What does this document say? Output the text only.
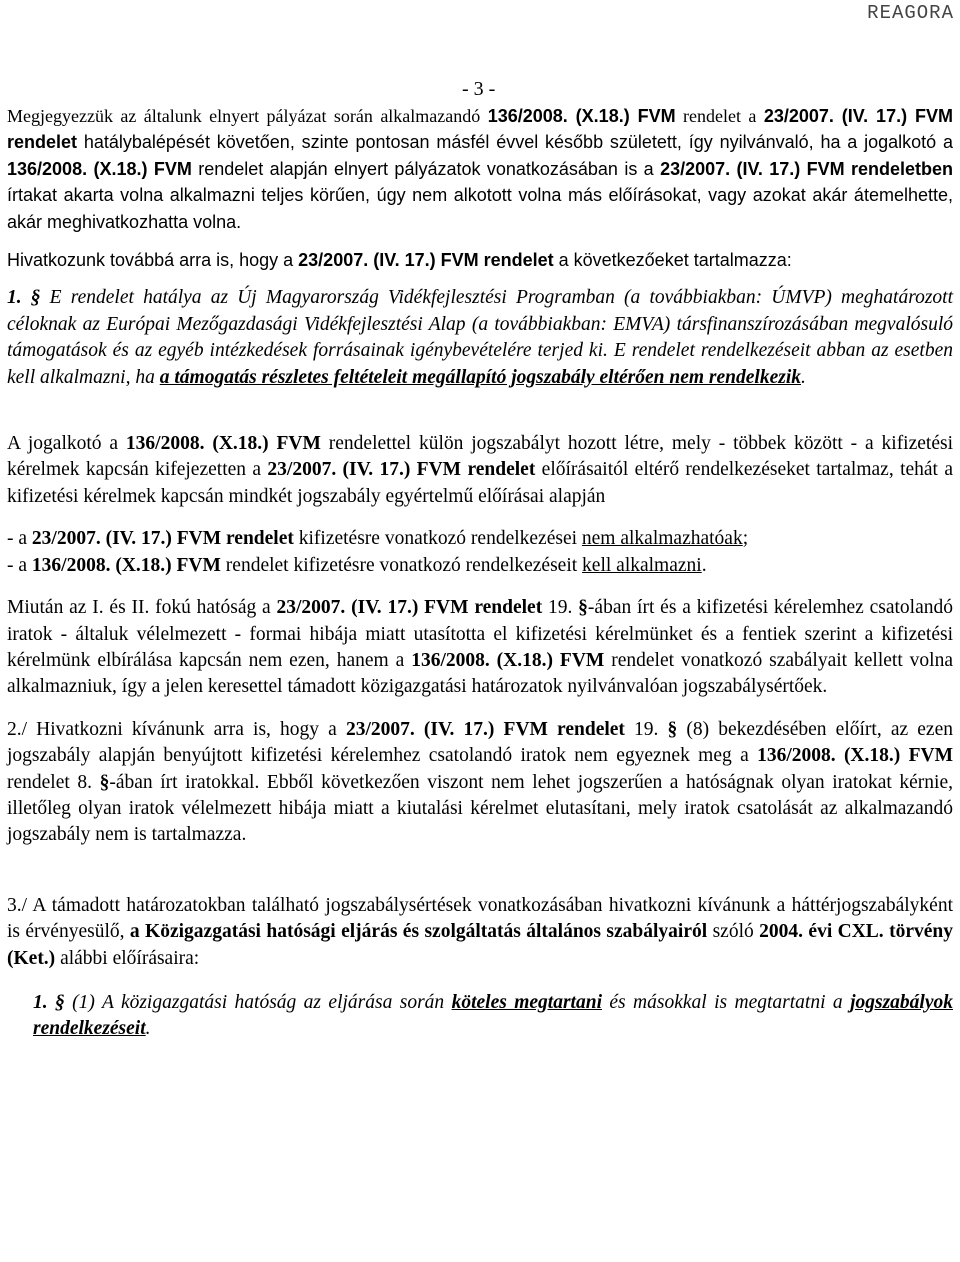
REAGORA
- 3 -

Megjegyezzük az általunk elnyert pályázat során alkalmazandó 136/2008. (X.18.) FVM rendelet a 23/2007. (IV. 17.) FVM rendelet hatálybalépését követően, szinte pontosan másfél évvel később született, így nyilvánvaló, ha a jogalkotó a 136/2008. (X.18.) FVM rendelet alapján elnyert pályázatok vonatkozásában is a 23/2007. (IV. 17.) FVM rendeletben írtakat akarta volna alkalmazni teljes körűen, úgy nem alkotott volna más előírásokat, vagy azokat akár átemelhette, akár meghivatkozhatta volna.

Hivatkozunk továbbá arra is, hogy a 23/2007. (IV. 17.) FVM rendelet a következőeket tartalmazza:

1. § E rendelet hatálya az Új Magyarország Vidékfejlesztési Programban (a továbbiakban: ÚMVP) meghatározott céloknak az Európai Mezőgazdasági Vidékfejlesztési Alap (a továbbiakban: EMVA) társfinanszírozásában megvalósuló támogatások és az egyéb intézkedések forrásainak igénybevételére terjed ki. E rendelet rendelkezéseit abban az esetben kell alkalmazni, ha a támogatás részletes feltételeit megállapító jogszabály eltérően nem rendelkezik.

A jogalkotó a 136/2008. (X.18.) FVM rendelettel külön jogszabályt hozott létre, mely - többek között - a kifizetési kérelmek kapcsán kifejezetten a 23/2007. (IV. 17.) FVM rendelet előírásaitól eltérő rendelkezéseket tartalmaz, tehát a kifizetési kérelmek kapcsán mindkét jogszabály egyértelmű előírásai alapján

- a 23/2007. (IV. 17.) FVM rendelet kifizetésre vonatkozó rendelkezései nem alkalmazhatóak;
- a 136/2008. (X.18.) FVM rendelet kifizetésre vonatkozó rendelkezéseit kell alkalmazni.

Miután az I. és II. fokú hatóság a 23/2007. (IV. 17.) FVM rendelet 19. §-ában írt és a kifizetési kérelemhez csatolandó iratok - általuk vélelmezett - formai hibája miatt utasította el kifizetési kérelmünket és a fentiek szerint a kifizetési kérelmünk elbírálása kapcsán nem ezen, hanem a 136/2008. (X.18.) FVM rendelet vonatkozó szabályait kellett volna alkalmazniuk, így a jelen keresettel támadott közigazgatási határozatok nyilvánvalóan jogszabálysértőek.

2./ Hivatkozni kívánunk arra is, hogy a 23/2007. (IV. 17.) FVM rendelet 19. § (8) bekezdésében előírt, az ezen jogszabály alapján benyújtott kifizetési kérelemhez csatolandó iratok nem egyeznek meg a 136/2008. (X.18.) FVM rendelet 8. §-ában írt iratokkal. Ebből következően viszont nem lehet jogszerűen a hatóságnak olyan iratokat kérnie, illetőleg olyan iratok vélelmezett hibája miatt a kiutalási kérelmet elutasítani, mely iratok csatolását az alkalmazandó jogszabály nem is tartalmazza.

3./ A támadott határozatokban található jogszabálysértések vonatkozásában hivatkozni kívánunk a háttérjogszabályként is érvényesülő, a Közigazgatási hatósági eljárás és szolgáltatás általános szabályairól szóló 2004. évi CXL. törvény (Ket.) alábbi előírásaira:

1. § (1) A közigazgatási hatóság az eljárása során köteles megtartani és másokkal is megtartatni a jogszabályok rendelkezéseit.
